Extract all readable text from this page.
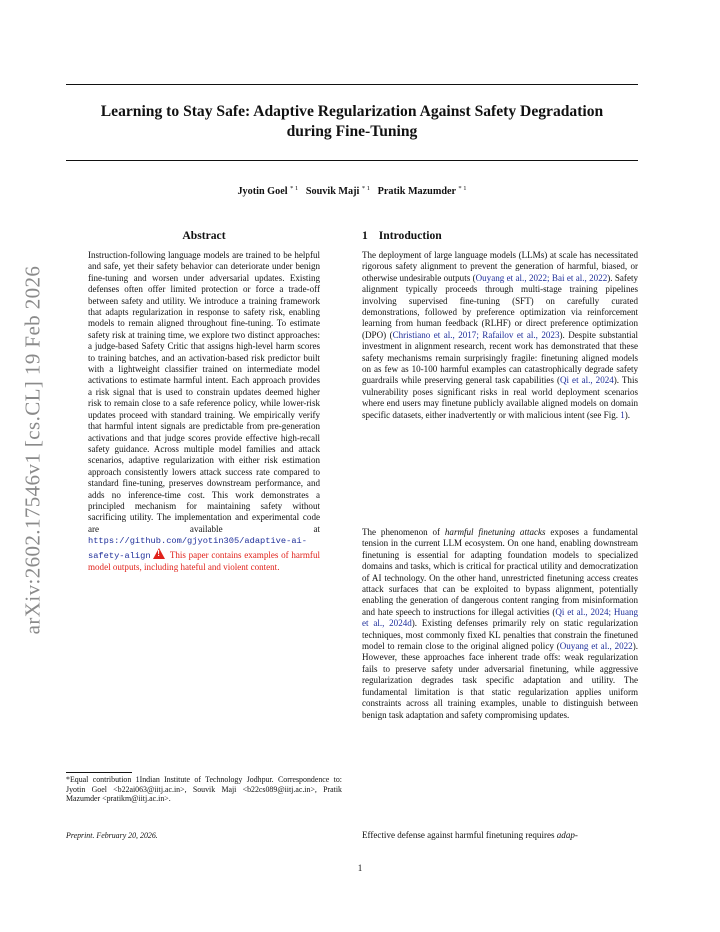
arXiv:2602.17546v1 [cs.CL] 19 Feb 2026
Learning to Stay Safe: Adaptive Regularization Against Safety Degradation
during Fine-Tuning
Jyotin Goel $^{* 1}$ Souvik Maji $^{* 1}$ Pratik Mazumder $^{* 1}$
Abstract
Instruction-following language models are trained to be helpful and safe, yet their safety behavior can deteriorate under benign fine-tuning and worsen under adversarial updates. Existing defenses often offer limited protection or force a trade-off between safety and utility. We introduce a training framework that adapts regularization in response to safety risk, enabling models to remain aligned throughout fine-tuning. To estimate safety risk at training time, we explore two distinct approaches: a judge-based Safety Critic that assigns high-level harm scores to training batches, and an activation-based risk predictor built with a lightweight classifier trained on intermediate model activations to estimate harmful intent. Each approach provides a risk signal that is used to constrain updates deemed higher risk to remain close to a safe reference policy, while lower-risk updates proceed with standard training. We empirically verify that harmful intent signals are predictable from pre-generation activations and that judge scores provide effective high-recall safety guidance. Across multiple model families and attack scenarios, adaptive regularization with either risk estimation approach consistently lowers attack success rate compared to standard fine-tuning, preserves downstream performance, and adds no inference-time cost. This work demonstrates a principled mechanism for maintaining safety without sacrificing utility. The implementation and experimental code are available at https://github.com/gjyotin305/adaptive-ai-safety-align ! This paper contains examples of harmful model outputs, including hateful and violent content.
*Equal contribution 1Indian Institute of Technology Jodhpur. Correspondence to: Jyotin Goel <b22ai063@iitj.ac.in>, Souvik Maji <b22cs089@iitj.ac.in>, Pratik Mazumder <pratikm@iitj.ac.in>.
Preprint. February 20, 2026.
1 Introduction
The deployment of large language models (LLMs) at scale has necessitated rigorous safety alignment to prevent the generation of harmful, biased, or otherwise undesirable outputs (Ouyang et al., 2022; Bai et al., 2022). Safety alignment typically proceeds through multi-stage training pipelines involving supervised fine-tuning (SFT) on carefully curated demonstrations, followed by preference optimization via reinforcement learning from human feedback (RLHF) or direct preference optimization (DPO) (Christiano et al., 2017; Rafailov et al., 2023). Despite substantial investment in alignment research, recent work has demonstrated that these safety mechanisms remain surprisingly fragile: finetuning aligned models on as few as 10-100 harmful examples can catastrophically degrade safety guardrails while preserving general task capabilities (Qi et al., 2024). This vulnerability poses significant risks in real world deployment scenarios where end users may finetune publicly available aligned models on domain specific datasets, either inadvertently or with malicious intent (see Fig. 1).
The phenomenon of harmful finetuning attacks exposes a fundamental tension in the current LLM ecosystem. On one hand, enabling downstream finetuning is essential for adapting foundation models to specialized domains and tasks, which is critical for practical utility and democratization of AI technology. On the other hand, unrestricted finetuning access creates attack surfaces that can be exploited to bypass alignment, potentially enabling the generation of dangerous content ranging from misinformation and hate speech to instructions for illegal activities (Qi et al., 2024; Huang et al., 2024d). Existing defenses primarily rely on static regularization techniques, most commonly fixed KL penalties that constrain the finetuned model to remain close to the original aligned policy (Ouyang et al., 2022). However, these approaches face inherent trade offs: weak regularization fails to preserve safety under adversarial finetuning, while aggressive regularization degrades task specific adaptation and utility. The fundamental limitation is that static regularization applies uniform constraints across all training examples, unable to distinguish between benign task adaptation and safety compromising updates.
Effective defense against harmful finetuning requires adap-
1
